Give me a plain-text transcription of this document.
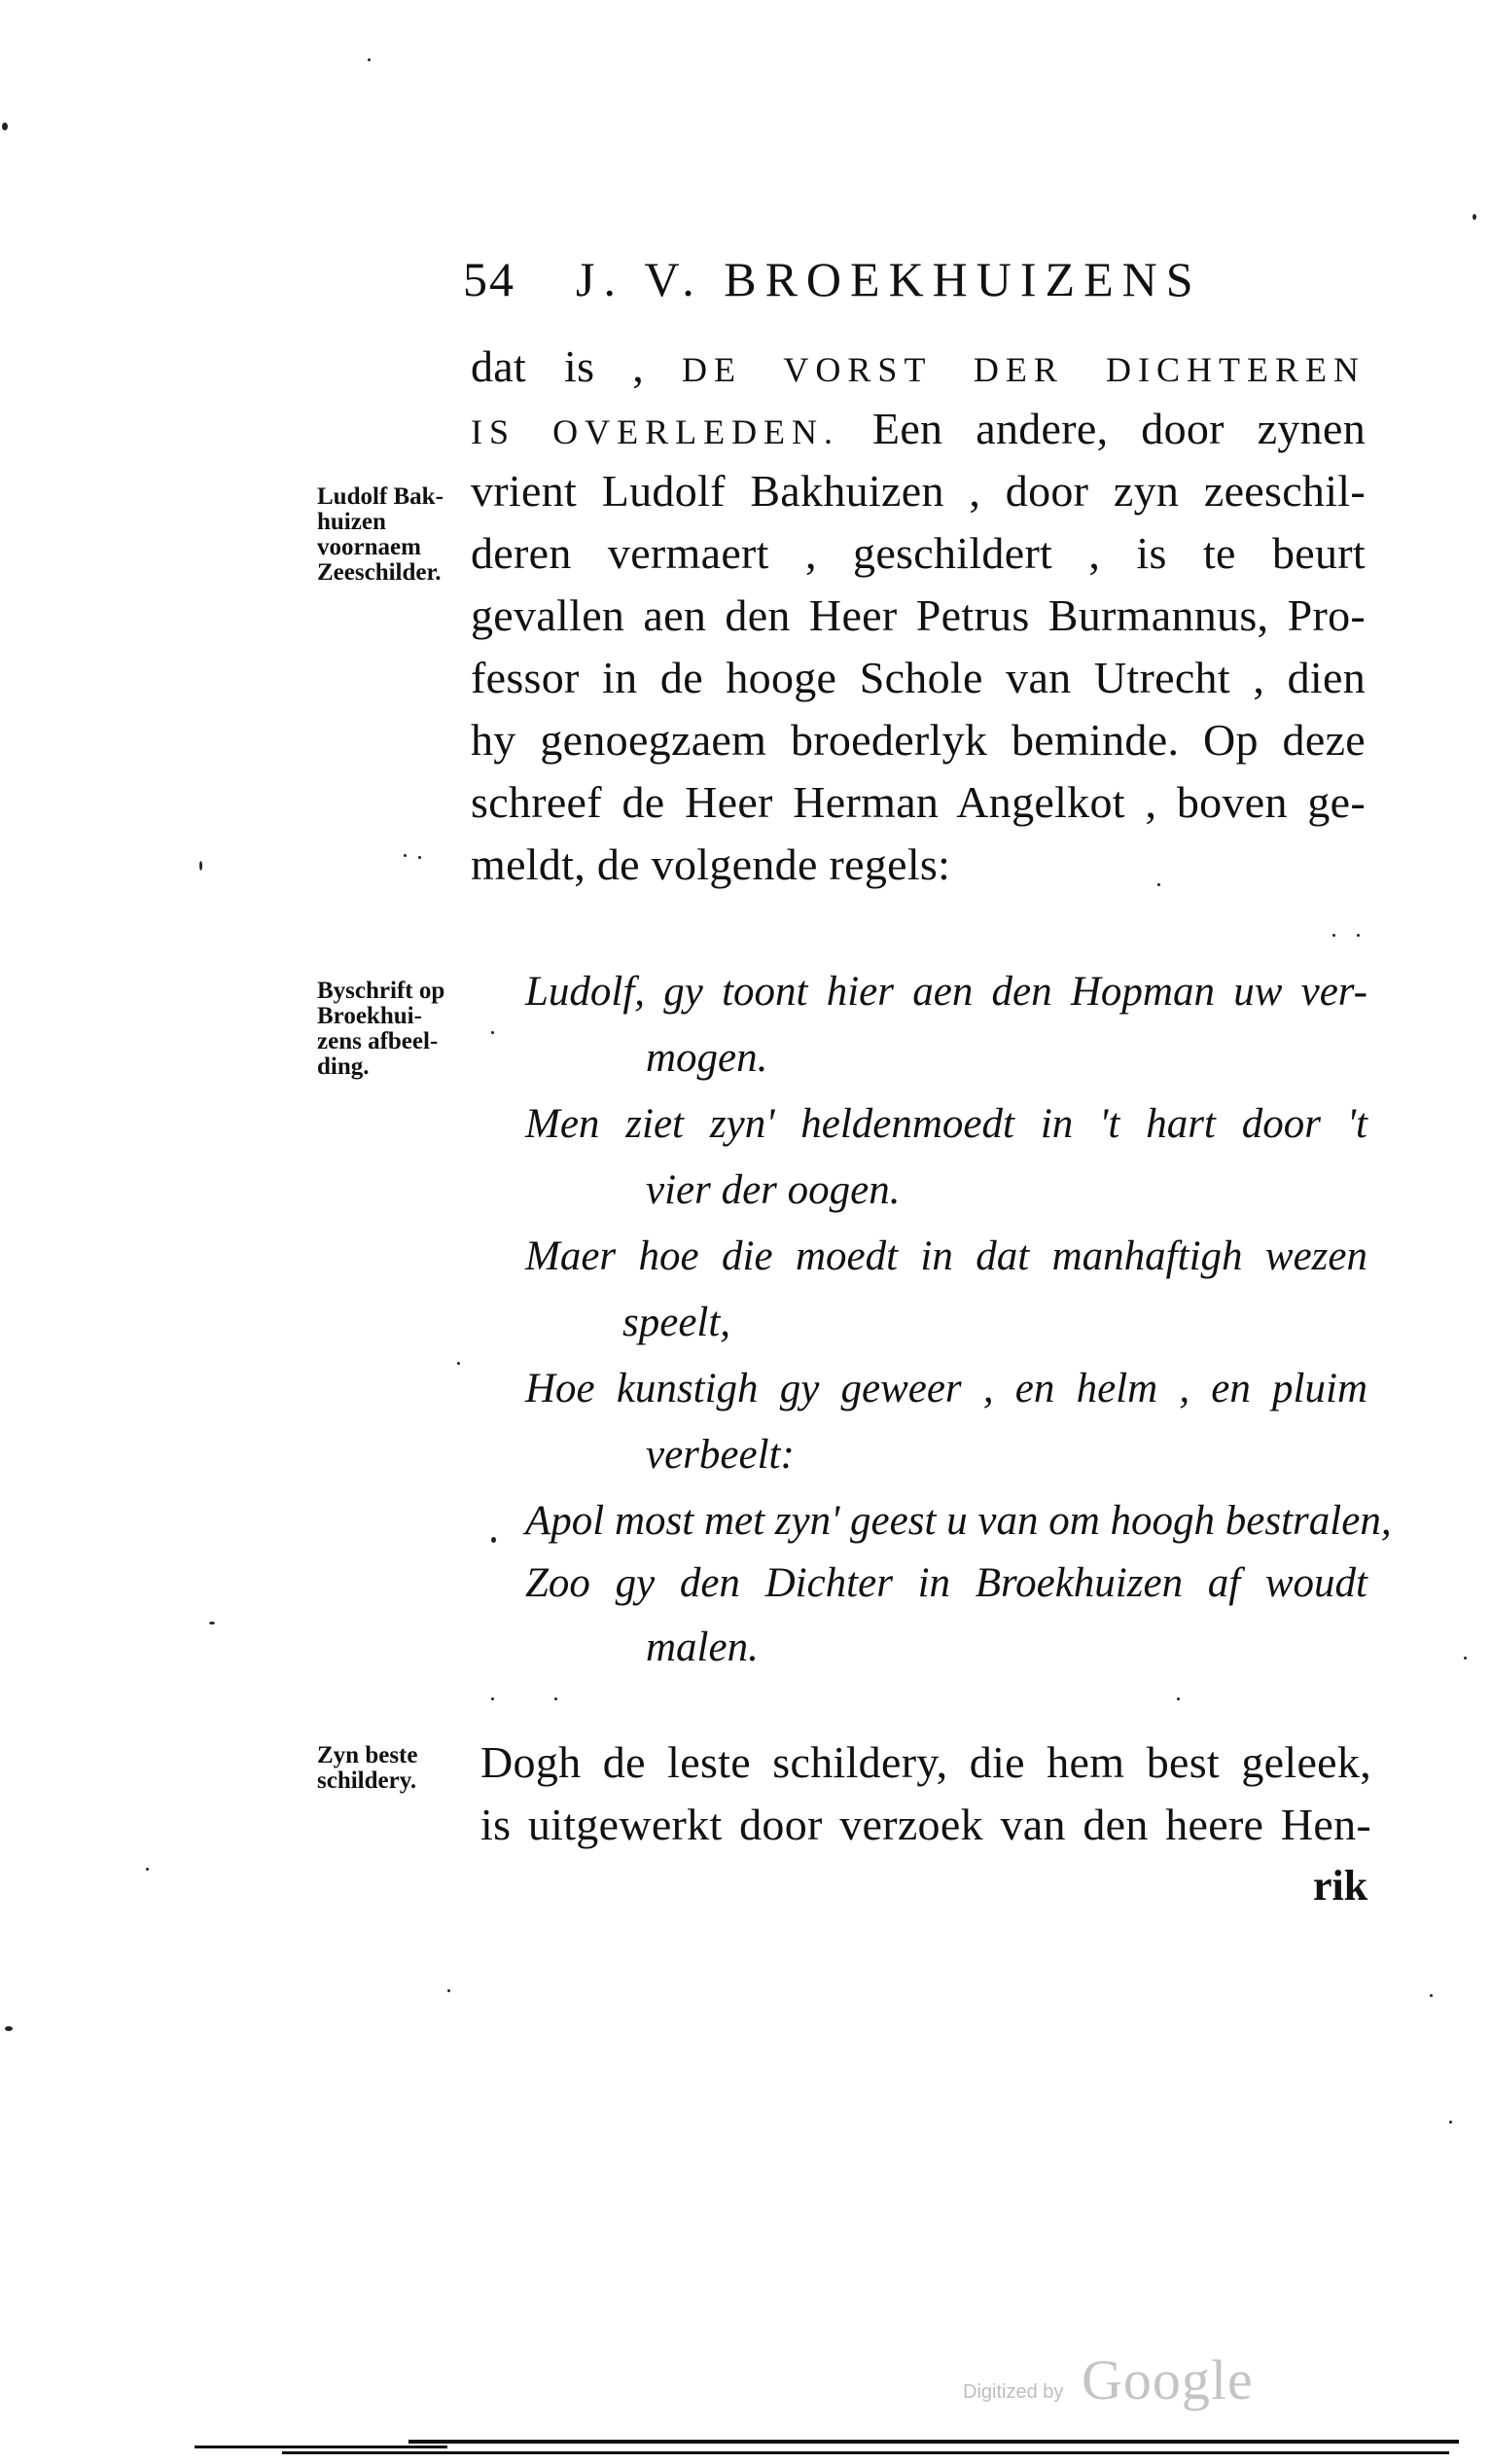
54 J. V. BROEKHUIZENS
dat is , DE VORST DER DICHTEREN
IS OVERLEDEN. Een andere, door zynen
vrient Ludolf Bakhuizen , door zyn zeeschil-
deren vermaert , geschildert , is te beurt
gevallen aen den Heer Petrus Burmannus, Pro-
fessor in de hooge Schole van Utrecht , dien
hy genoegzaem broederlyk beminde. Op deze
schreef de Heer Herman Angelkot , boven ge-
meldt, de volgende regels:
Ludolf Bak-
huizen
voornaem
Zeeschilder.
Byschrift op
Broekhui-
zens afbeel-
ding.
Zyn beste
schildery.
Ludolf, gy toont hier aen den Hopman uw ver-
mogen.
Men ziet zyn' heldenmoedt in 't hart door 't
vier der oogen.
Maer hoe die moedt in dat manhaftigh wezen
speelt,
Hoe kunstigh gy geweer , en helm , en pluim
verbeelt:
Apol most met zyn' geest u van om hoogh bestralen,
Zoo gy den Dichter in Broekhuizen af woudt
malen.
Dogh de leste schildery, die hem best geleek,
is uitgewerkt door verzoek van den heere Hen-
rik
Digitized by Google
